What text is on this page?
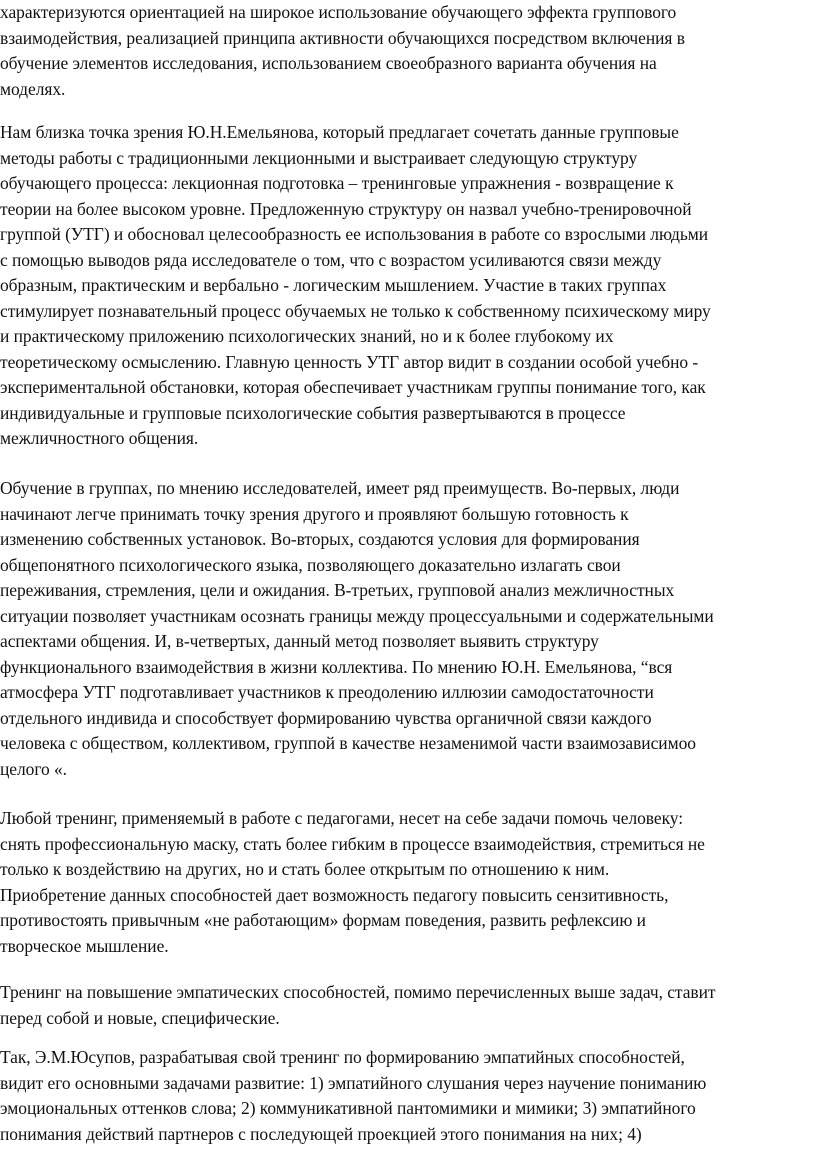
характеризуются ориентацией на широкое использование обучающего эффекта группового
взаимодействия, реализацией принципа активности обучающихся посредством включения в
обучение элементов исследования, использованием своеобразного варианта обучения на
моделях.

Нам близка точка зрения Ю.Н.Емельянова, который предлагает сочетать данные групповые
методы работы с традиционными лекционными и выстраивает следующую структуру
обучающего процесса: лекционная подготовка – тренинговые упражнения - возвращение к
теории на более высоком уровне. Предложенную структуру он назвал учебно-тренировочной
группой (УТГ) и обосновал целесообразность ее использования в работе со взрослыми людьми
с помощью выводов ряда исследователе о том, что с возрастом усиливаются связи между
образным, практическим и вербально - логическим мышлением. Участие в таких группах
стимулирует познавательный процесс обучаемых не только к собственному психическому миру
и практическому приложению психологических знаний, но и к более глубокому их
теоретическому осмыслению. Главную ценность УТГ автор видит в создании особой учебно -
экспериментальной обстановки, которая обеспечивает участникам группы понимание того, как
индивидуальные и групповые психологические события развертываются в процессе
межличностного общения.

Обучение в группах, по мнению исследователей, имеет ряд преимуществ. Во-первых, люди
начинают легче принимать точку зрения другого и проявляют большую готовность к
изменению собственных установок. Во-вторых, создаются условия для формирования
общепонятного психологического языка, позволяющего доказательно излагать свои
переживания, стремления, цели и ожидания. В-третьих, групповой анализ межличностных
ситуации позволяет участникам осознать границы между процессуальными и содержательными
аспектами общения. И, в-четвертых, данный метод позволяет выявить структуру
функционального взаимодействия в жизни коллектива. По мнению Ю.Н. Емельянова, “вся
атмосфера УТГ подготавливает участников к преодолению иллюзии самодостаточности
отдельного индивида и способствует формированию чувства органичной связи каждого
человека с обществом, коллективом, группой в качестве незаменимой части взаимозависимоо
целого «.

Любой тренинг, применяемый в работе с педагогами, несет на себе задачи помочь человеку:
снять профессиональную маску, стать более гибким в процессе взаимодействия, стремиться не
только к воздействию на других, но и стать более открытым по отношению к ним.
Приобретение данных способностей дает возможность педагогу повысить сензитивность,
противостоять привычным «не работающим» формам поведения, развить рефлексию и
творческое мышление.

Тренинг на повышение эмпатических способностей, помимо перечисленных выше задач, ставит
перед собой и новые, специфические.

Так, Э.М.Юсупов, разрабатывая свой тренинг по формированию эмпатийных способностей,
видит его основными задачами развитие: 1) эмпатийного слушания через научение пониманию
эмоциональных оттенков слова; 2) коммуникативной пантомимики и мимики; 3) эмпатийного
понимания действий партнеров с последующей проекцией этого понимания на них; 4)
